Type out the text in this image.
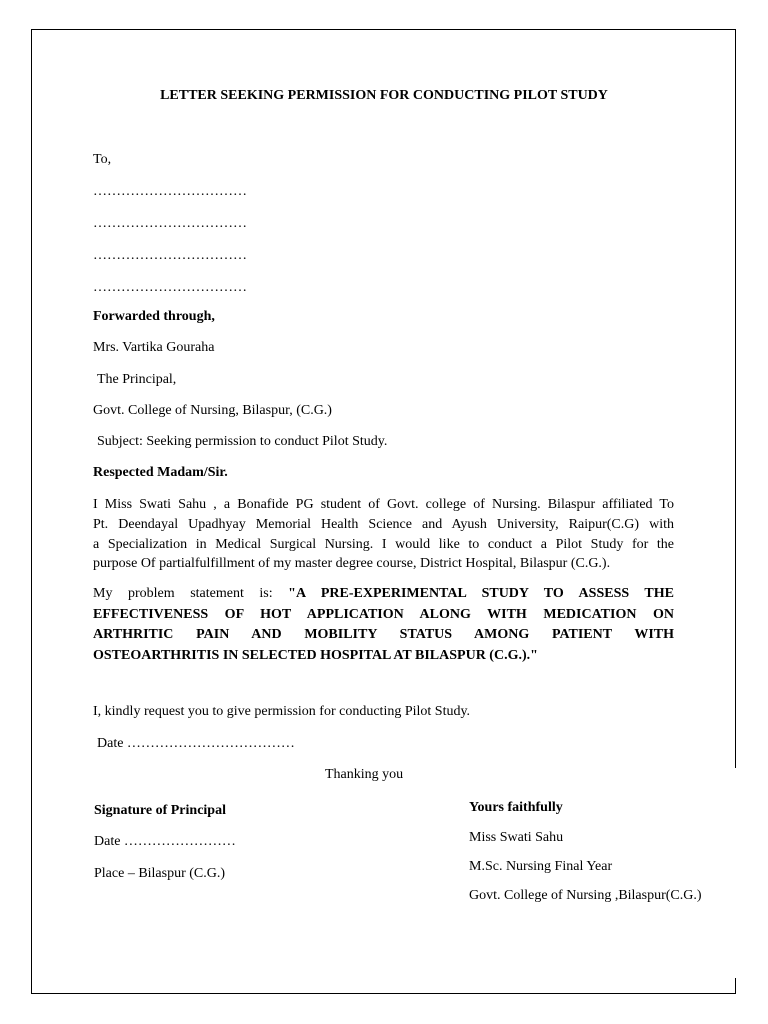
LETTER SEEKING PERMISSION FOR CONDUCTING PILOT STUDY
To,
……………………………
……………………………
……………………………
……………………………
Forwarded through,
Mrs. Vartika Gouraha
The Principal,
Govt. College of Nursing, Bilaspur, (C.G.)
Subject: Seeking permission to conduct Pilot Study.
Respected Madam/Sir.
I Miss Swati Sahu , a Bonafide PG student of Govt. college of Nursing. Bilaspur affiliated To
Pt. Deendayal Upadhyay Memorial Health Science and Ayush University, Raipur(C.G) with
a Specialization in Medical Surgical Nursing. I would like to conduct a Pilot Study for the
purpose Of partialfulfillment of my master degree course, District Hospital, Bilaspur (C.G.).
My problem statement is: "A PRE-EXPERIMENTAL STUDY TO ASSESS THE
EFFECTIVENESS OF HOT APPLICATION ALONG WITH MEDICATION ON
ARTHRITIC PAIN AND MOBILITY STATUS AMONG PATIENT WITH
OSTEOARTHRITIS IN SELECTED HOSPITAL AT BILASPUR (C.G.)."
I, kindly request you to give permission for conducting Pilot Study.
Date ………………………………
Thanking you
Signature of Principal
Date ……………………
Place – Bilaspur (C.G.)
Yours faithfully
Miss Swati Sahu
M.Sc. Nursing Final Year
Govt. College of Nursing ,Bilaspur(C.G.)
